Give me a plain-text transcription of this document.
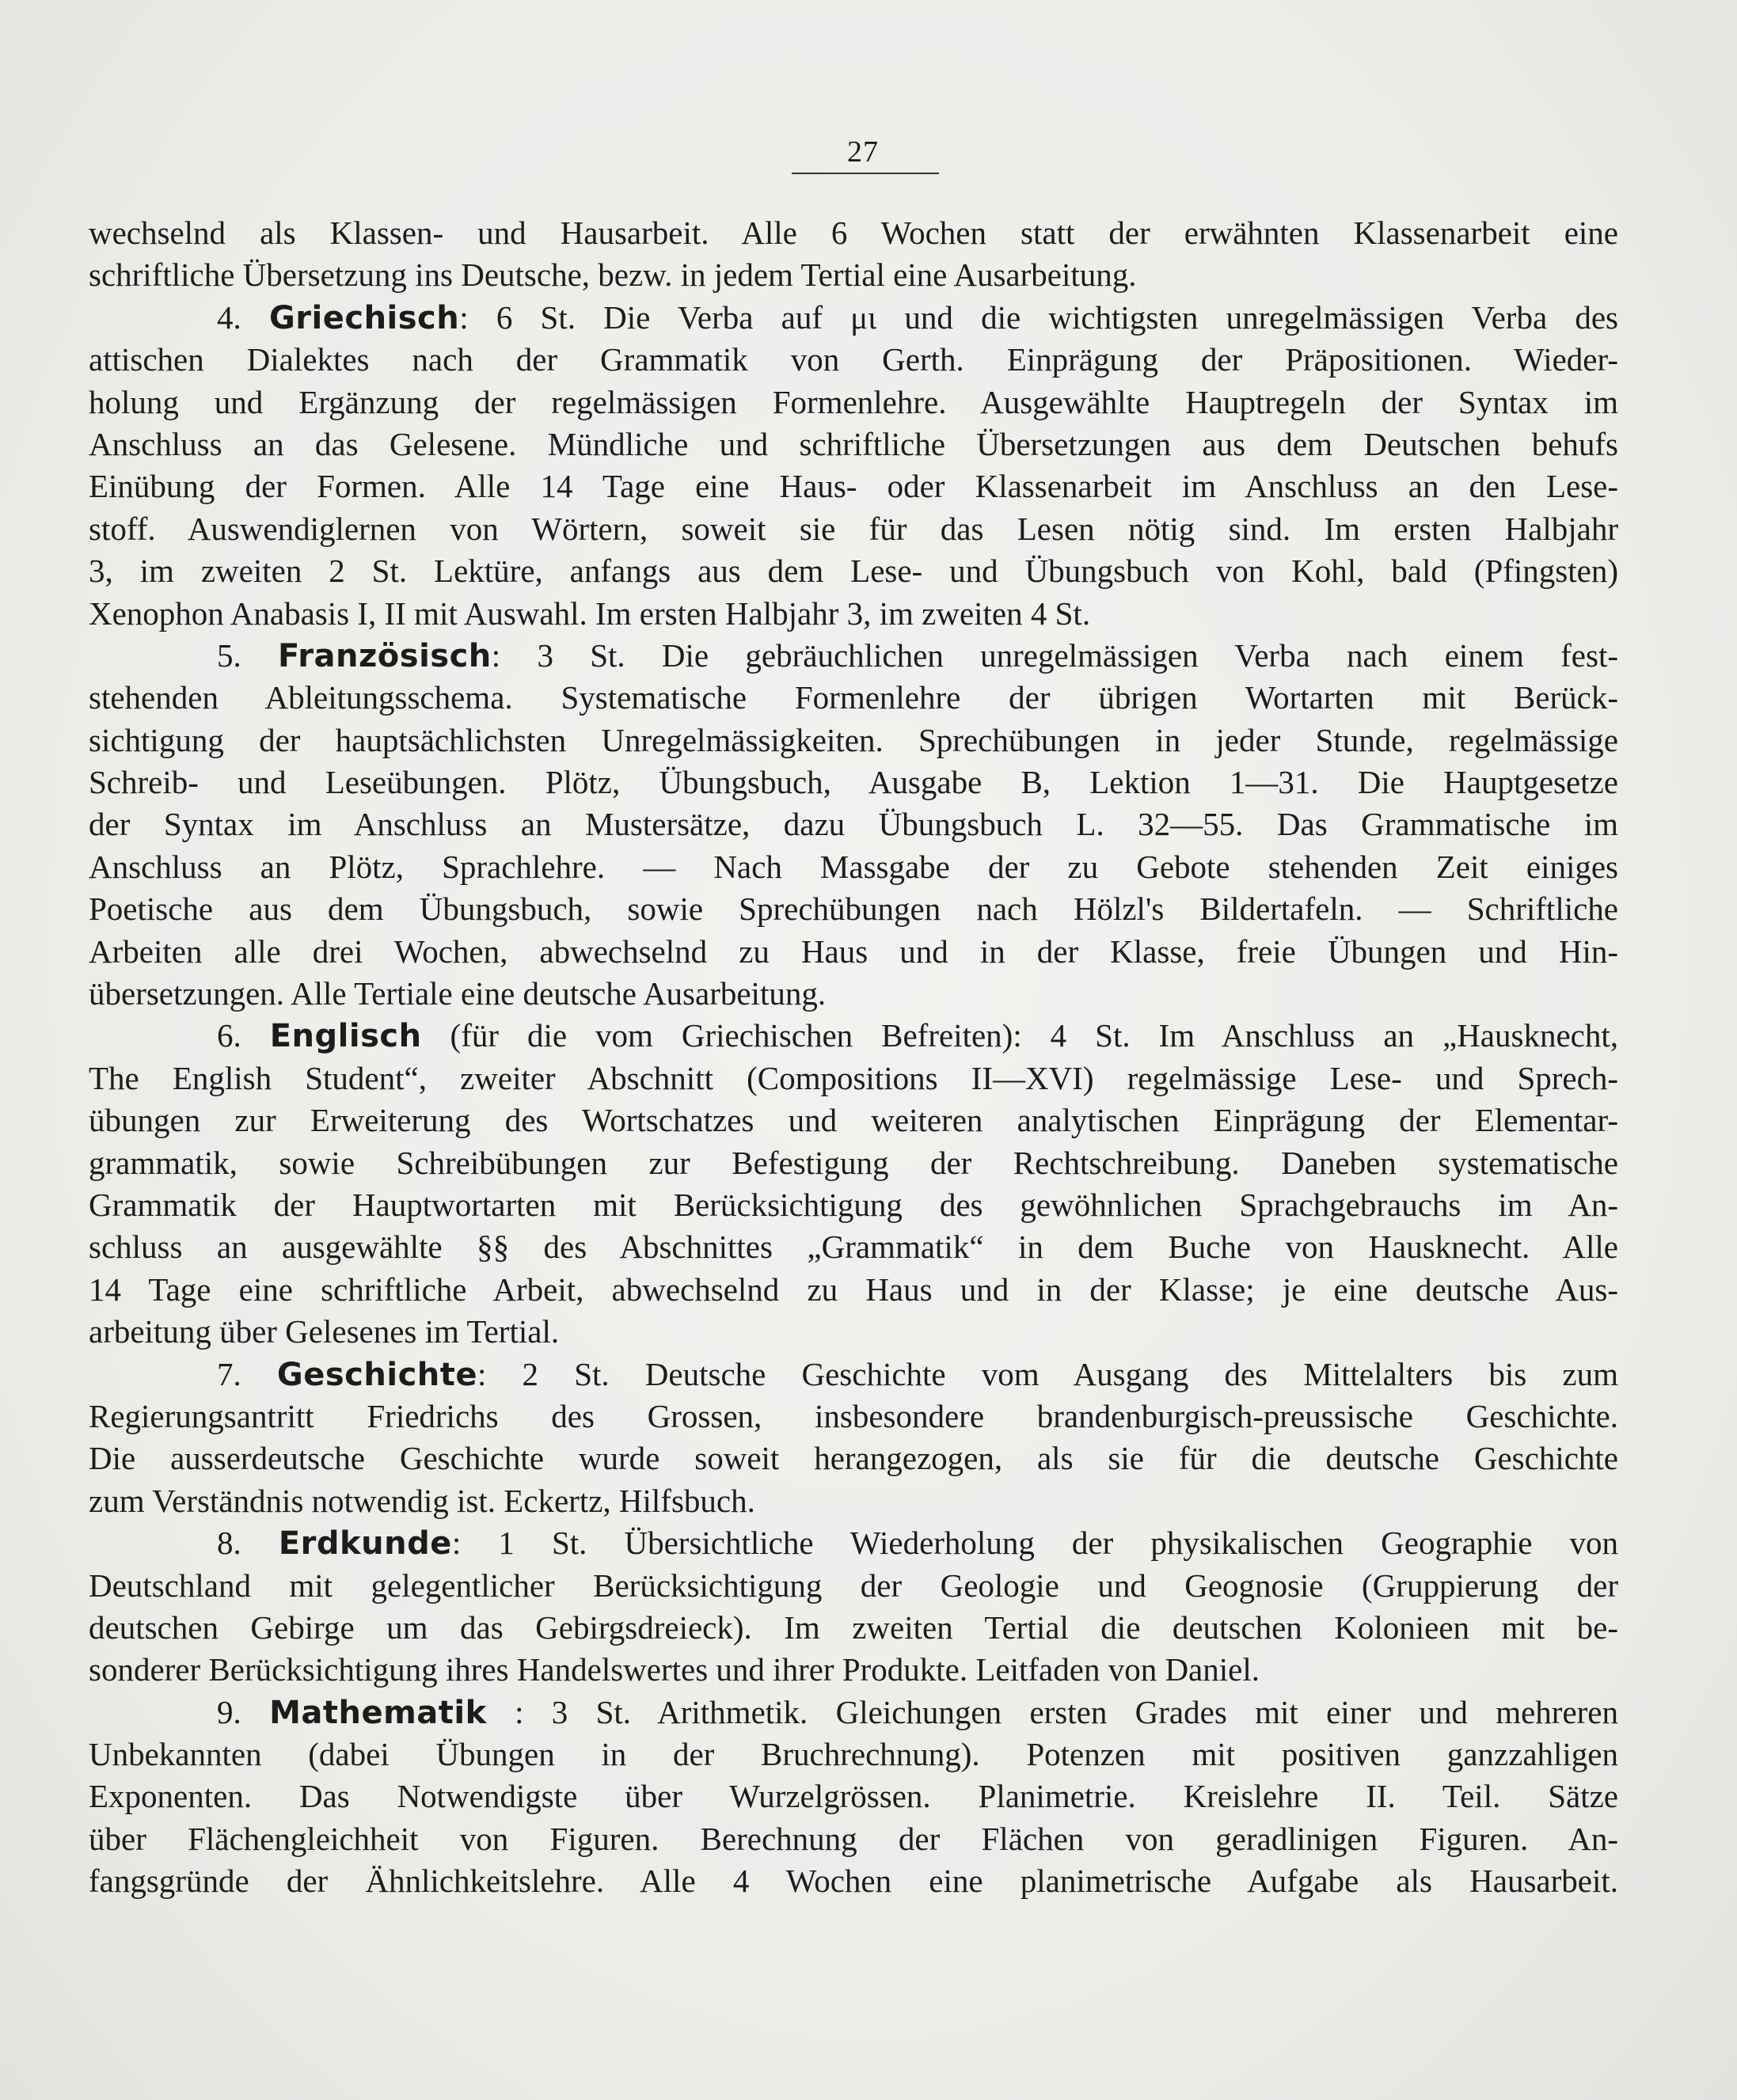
27
wechselnd als Klassen- und Hausarbeit. Alle 6 Wochen statt der erwähnten Klassenarbeit eine
schriftliche Übersetzung ins Deutsche, bezw. in jedem Tertial eine Ausarbeitung.
4. Griechisch: 6 St. Die Verba auf μι und die wichtigsten unregelmässigen Verba des
attischen Dialektes nach der Grammatik von Gerth. Einprägung der Präpositionen. Wieder-
holung und Ergänzung der regelmässigen Formenlehre. Ausgewählte Hauptregeln der Syntax im
Anschluss an das Gelesene. Mündliche und schriftliche Übersetzungen aus dem Deutschen behufs
Einübung der Formen. Alle 14 Tage eine Haus- oder Klassenarbeit im Anschluss an den Lese-
stoff. Auswendiglernen von Wörtern, soweit sie für das Lesen nötig sind. Im ersten Halbjahr
3, im zweiten 2 St. Lektüre, anfangs aus dem Lese- und Übungsbuch von Kohl, bald (Pfingsten)
Xenophon Anabasis I, II mit Auswahl. Im ersten Halbjahr 3, im zweiten 4 St.
5. Französisch: 3 St. Die gebräuchlichen unregelmässigen Verba nach einem fest-
stehenden Ableitungsschema. Systematische Formenlehre der übrigen Wortarten mit Berück-
sichtigung der hauptsächlichsten Unregelmässigkeiten. Sprechübungen in jeder Stunde, regelmässige
Schreib- und Leseübungen. Plötz, Übungsbuch, Ausgabe B, Lektion 1—31. Die Hauptgesetze
der Syntax im Anschluss an Mustersätze, dazu Übungsbuch L. 32—55. Das Grammatische im
Anschluss an Plötz, Sprachlehre. — Nach Massgabe der zu Gebote stehenden Zeit einiges
Poetische aus dem Übungsbuch, sowie Sprechübungen nach Hölzl's Bildertafeln. — Schriftliche
Arbeiten alle drei Wochen, abwechselnd zu Haus und in der Klasse, freie Übungen und Hin-
übersetzungen. Alle Tertiale eine deutsche Ausarbeitung.
6. Englisch (für die vom Griechischen Befreiten): 4 St. Im Anschluss an „Hausknecht,
The English Student“, zweiter Abschnitt (Compositions II—XVI) regelmässige Lese- und Sprech-
übungen zur Erweiterung des Wortschatzes und weiteren analytischen Einprägung der Elementar-
grammatik, sowie Schreibübungen zur Befestigung der Rechtschreibung. Daneben systematische
Grammatik der Hauptwortarten mit Berücksichtigung des gewöhnlichen Sprachgebrauchs im An-
schluss an ausgewählte §§ des Abschnittes „Grammatik“ in dem Buche von Hausknecht. Alle
14 Tage eine schriftliche Arbeit, abwechselnd zu Haus und in der Klasse; je eine deutsche Aus-
arbeitung über Gelesenes im Tertial.
7. Geschichte: 2 St. Deutsche Geschichte vom Ausgang des Mittelalters bis zum
Regierungsantritt Friedrichs des Grossen, insbesondere brandenburgisch-preussische Geschichte.
Die ausserdeutsche Geschichte wurde soweit herangezogen, als sie für die deutsche Geschichte
zum Verständnis notwendig ist. Eckertz, Hilfsbuch.
8. Erdkunde: 1 St. Übersichtliche Wiederholung der physikalischen Geographie von
Deutschland mit gelegentlicher Berücksichtigung der Geologie und Geognosie (Gruppierung der
deutschen Gebirge um das Gebirgsdreieck). Im zweiten Tertial die deutschen Kolonieen mit be-
sonderer Berücksichtigung ihres Handelswertes und ihrer Produkte. Leitfaden von Daniel.
9. Mathematik : 3 St. Arithmetik. Gleichungen ersten Grades mit einer und mehreren
Unbekannten (dabei Übungen in der Bruchrechnung). Potenzen mit positiven ganzzahligen
Exponenten. Das Notwendigste über Wurzelgrössen. Planimetrie. Kreislehre II. Teil. Sätze
über Flächengleichheit von Figuren. Berechnung der Flächen von geradlinigen Figuren. An-
fangsgründe der Ähnlichkeitslehre. Alle 4 Wochen eine planimetrische Aufgabe als Hausarbeit.
